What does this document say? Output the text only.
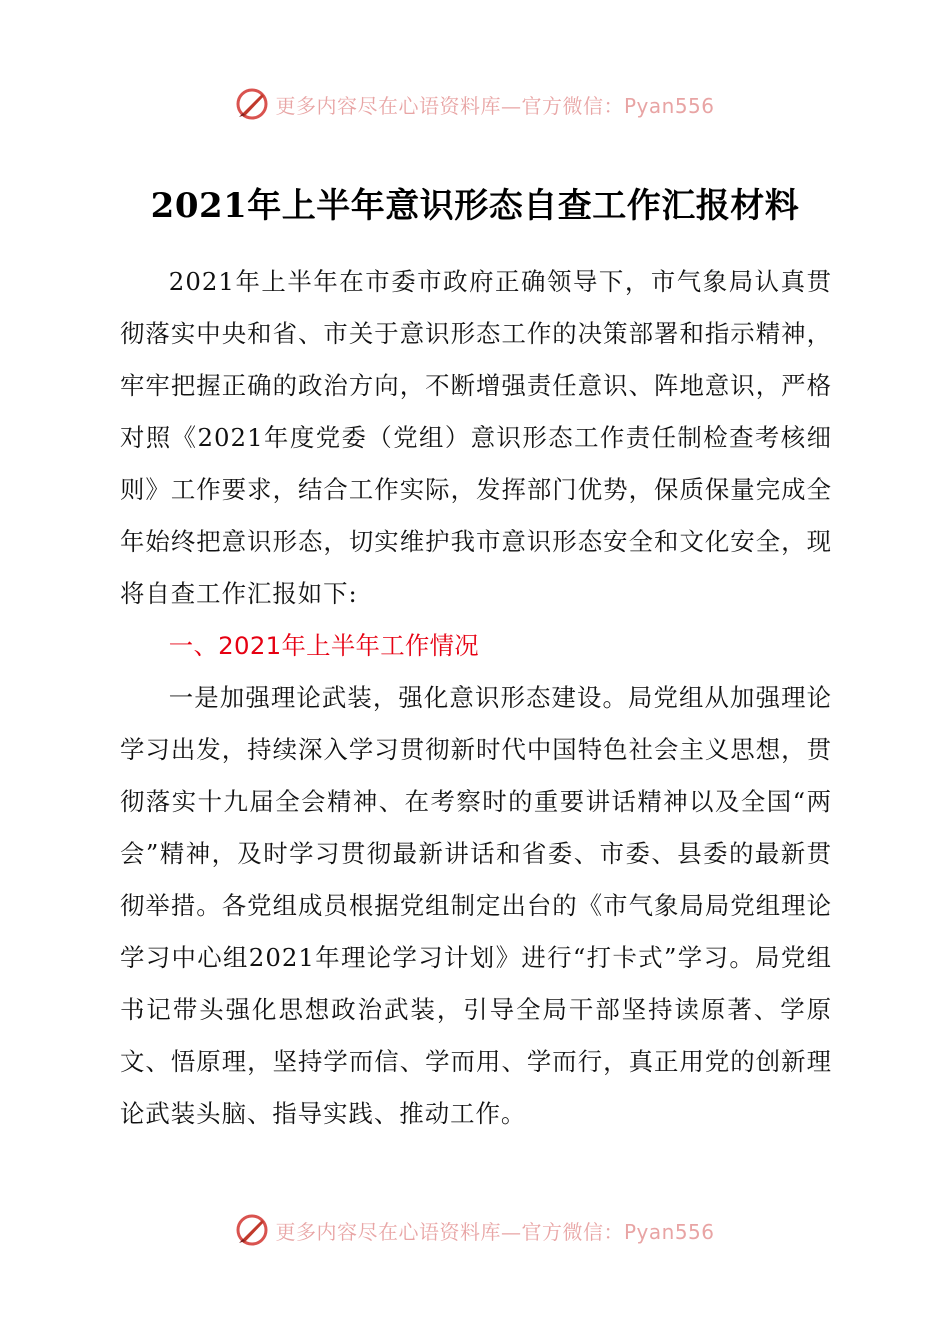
更多内容尽在心语资料库—官方微信：Pyan556
2021年上半年意识形态自查工作汇报材料

2021年上半年在市委市政府正确领导下，市气象局认真贯彻落实中央和省、市关于意识形态工作的决策部署和指示精神，牢牢把握正确的政治方向，不断增强责任意识、阵地意识，严格对照《2021年度党委（党组）意识形态工作责任制检查考核细则》工作要求，结合工作实际，发挥部门优势，保质保量完成全年始终把意识形态，切实维护我市意识形态安全和文化安全，现将自查工作汇报如下:

一、2021年上半年工作情况

一是加强理论武装，强化意识形态建设。局党组从加强理论学习出发，持续深入学习贯彻新时代中国特色社会主义思想，贯彻落实十九届全会精神、在考察时的重要讲话精神以及全国“两会”精神，及时学习贯彻最新讲话和省委、市委、县委的最新贯彻举措。各党组成员根据党组制定出台的《市气象局局党组理论学习中心组2021年理论学习计划》进行“打卡式”学习。局党组书记带头强化思想政治武装，引导全局干部坚持读原著、学原文、悟原理，坚持学而信、学而用、学而行，真正用党的创新理论武装头脑、指导实践、推动工作。

更多内容尽在心语资料库—官方微信：Pyan556
